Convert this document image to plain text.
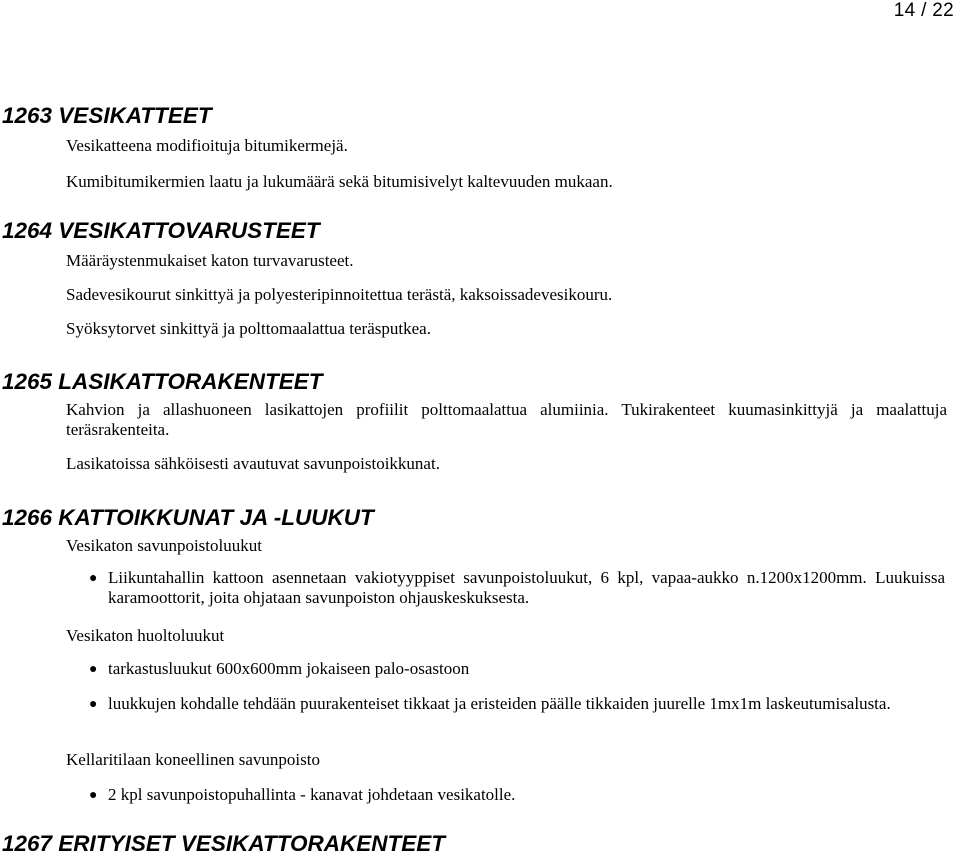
14 / 22
1263 VESIKATTEET

Vesikatteena modifioituja bitumikermejä.

Kumibitumikermien laatu ja lukumäärä sekä bitumisivelyt kaltevuuden mukaan.

1264 VESIKATTOVARUSTEET

Määräystenmukaiset katon turvavarusteet.

Sadevesikourut sinkittyä ja polyesteripinnoitettua terästä, kaksoissadevesikouru.

Syöksytorvet sinkittyä ja polttomaalattua teräsputkea.

1265 LASIKATTORAKENTEET

Kahvion ja allashuoneen lasikattojen profiilit polttomaalattua alumiinia. Tukirakenteet kuumasinkittyjä ja maalattuja teräsrakenteita.

Lasikatoissa sähköisesti avautuvat savunpoistoikkunat.

1266 KATTOIKKUNAT JA -LUUKUT

Vesikaton savunpoistoluukut

● Liikuntahallin kattoon asennetaan vakiotyyppiset savunpoistoluukut, 6 kpl, vapaa-aukko n.1200x1200mm. Luukuissa karamoottorit, joita ohjataan savunpoiston ohjauskeskuksesta.

Vesikaton huoltoluukut

● tarkastusluukut 600x600mm jokaiseen palo-osastoon

● luukkujen kohdalle tehdään puurakenteiset tikkaat ja eristeiden päälle tikkaiden juurelle 1mx1m laskeutumisalusta.

Kellaritilaan koneellinen savunpoisto

● 2 kpl savunpoistopuhallinta - kanavat johdetaan vesikatolle.

1267 ERITYISET VESIKATTORAKENTEET
